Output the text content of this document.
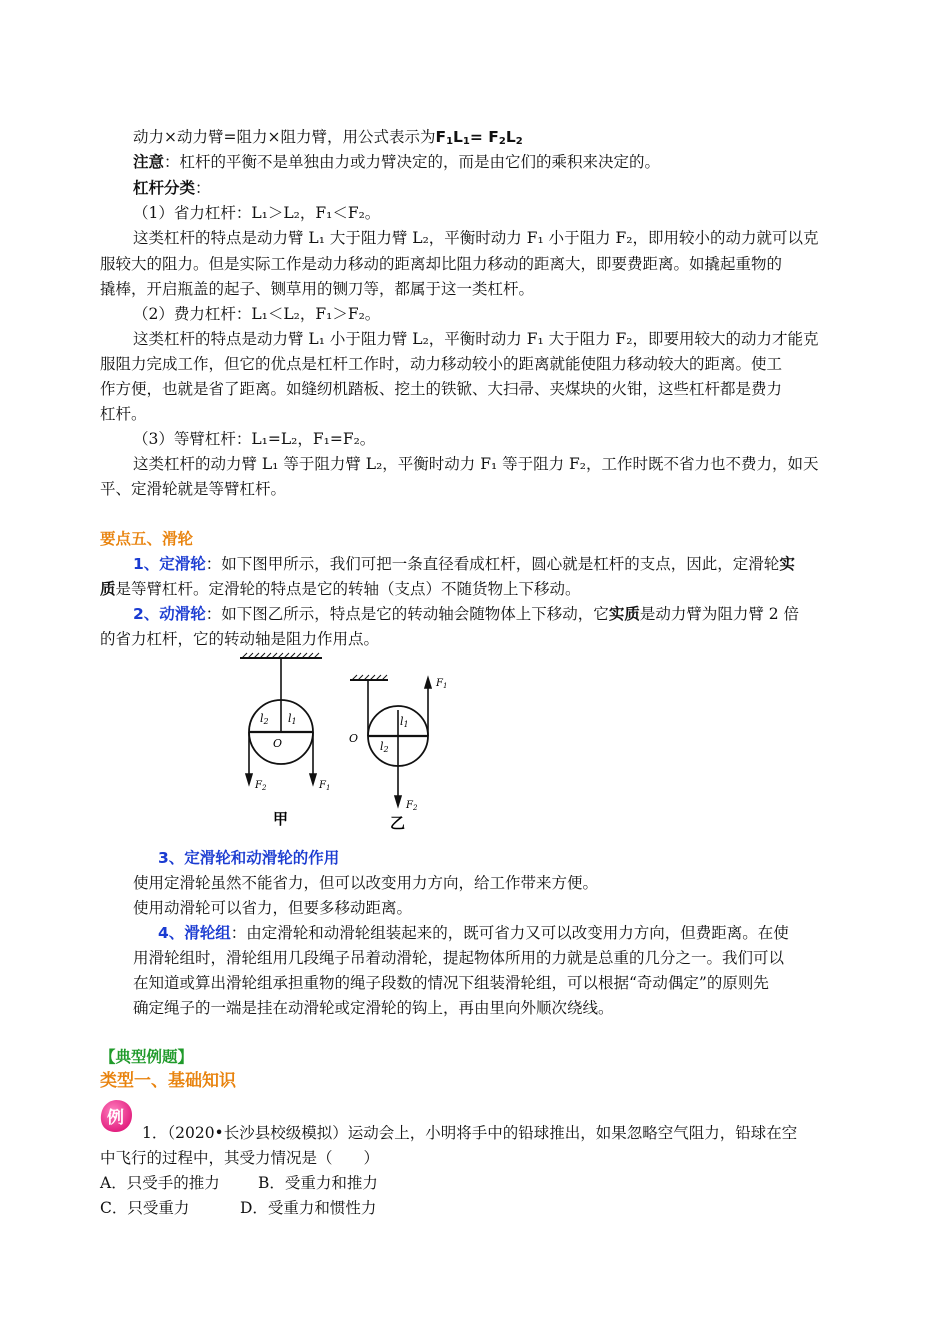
动力×动力臂=阻力×阻力臂，用公式表示为$F_1L_1= F_2L_2$
注意：杠杆的平衡不是单独由力或力臂决定的，而是由它们的乘积来决定的。
杠杆分类：
（1）省力杠杆：L₁＞L₂，F₁＜F₂。
这类杠杆的特点是动力臂 L₁ 大于阻力臂 L₂，平衡时动力 F₁ 小于阻力 F₂，即用较小的动力就可以克
服较大的阻力。但是实际工作是动力移动的距离却比阻力移动的距离大，即要费距离。如撬起重物的
撬棒，开启瓶盖的起子、铡草用的铡刀等，都属于这一类杠杆。
（2）费力杠杆：L₁＜L₂，F₁＞F₂。
这类杠杆的特点是动力臂 L₁ 小于阻力臂 L₂，平衡时动力 F₁ 大于阻力 F₂，即要用较大的动力才能克
服阻力完成工作，但它的优点是杠杆工作时，动力移动较小的距离就能使阻力移动较大的距离。使工
作方便，也就是省了距离。如缝纫机踏板、挖土的铁锨、大扫帚、夹煤块的火钳，这些杠杆都是费力
杠杆。
（3）等臂杠杆：L₁=L₂，F₁=F₂。
这类杠杆的动力臂 L₁ 等于阻力臂 L₂，平衡时动力 F₁ 等于阻力 F₂，工作时既不省力也不费力，如天
平、定滑轮就是等臂杠杆。
要点五、滑轮
1、定滑轮：如下图甲所示，我们可把一条直径看成杠杆，圆心就是杠杆的支点，因此，定滑轮实
质是等臂杠杆。定滑轮的特点是它的转轴（支点）不随货物上下移动。
2、动滑轮：如下图乙所示，特点是它的转动轴会随物体上下移动，它实质是动力臂为阻力臂 2 倍
的省力杠杆，它的转动轴是阻力作用点。
l2 l1
O
$F_2$	$F_1$
甲
$F_1$
l1
l2
O
$F_2$
乙
3、定滑轮和动滑轮的作用
使用定滑轮虽然不能省力，但可以改变用力方向，给工作带来方便。
使用动滑轮可以省力，但要多移动距离。
4、滑轮组：由定滑轮和动滑轮组装起来的，既可省力又可以改变用力方向，但费距离。在使
用滑轮组时，滑轮组用几段绳子吊着动滑轮，提起物体所用的力就是总重的几分之一。我们可以
在知道或算出滑轮组承担重物的绳子段数的情况下组装滑轮组，可以根据“奇动偶定”的原则先
确定绳子的一端是挂在动滑轮或定滑轮的钩上，再由里向外顺次绕线。
【典型例题】
类型一、基础知识
例
1．（2020•长沙县校级模拟）运动会上，小明将手中的铅球推出，如果忽略空气阻力，铅球在空
中飞行的过程中，其受力情况是（　　）
A．只受手的推力 B．受重力和推力
C．只受重力	D．受重力和惯性力
